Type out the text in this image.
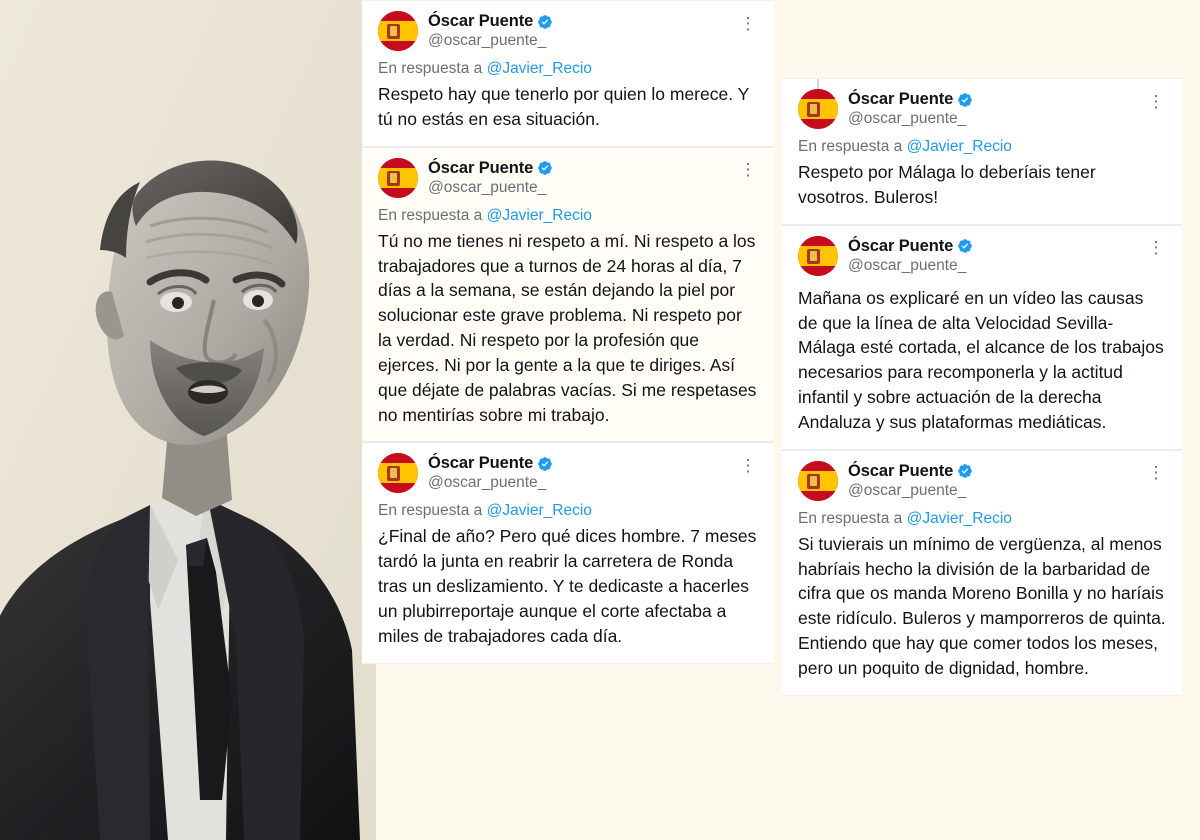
Óscar Puente
@oscar_puente_
⋮
En respuesta a @Javier_Recio
Respeto hay que tenerlo por quien lo merece. Y tú no estás en esa situación.
Óscar Puente
@oscar_puente_
⋮
En respuesta a @Javier_Recio
Tú no me tienes ni respeto a mí. Ni respeto a los trabajadores que a turnos de 24 horas al día, 7 días a la semana, se están dejando la piel por solucionar este grave problema. Ni respeto por la verdad. Ni respeto por la profesión que ejerces. Ni por la gente a la que te diriges. Así que déjate de palabras vacías. Si me respetases no mentirías sobre mi trabajo.
Óscar Puente
@oscar_puente_
⋮
En respuesta a @Javier_Recio
¿Final de año? Pero qué dices hombre. 7 meses tardó la junta en reabrir la carretera de Ronda tras un deslizamiento. Y te dedicaste a hacerles un plubirreportaje aunque el corte afectaba a miles de trabajadores cada día.
Óscar Puente
@oscar_puente_
⋮
En respuesta a @Javier_Recio
Respeto por Málaga lo deberíais tener vosotros. Buleros!
Óscar Puente
@oscar_puente_
⋮
Mañana os explicaré en un vídeo las causas de que la línea de alta Velocidad Sevilla-Málaga esté cortada, el alcance de los trabajos necesarios para recomponerla y la actitud infantil y sobre actuación de la derecha Andaluza y sus plataformas mediáticas.
Óscar Puente
@oscar_puente_
⋮
En respuesta a @Javier_Recio
Si tuvierais un mínimo de vergüenza, al menos habríais hecho la división de la barbaridad de cifra que os manda Moreno Bonilla y no haríais este ridículo. Buleros y mamporreros de quinta. Entiendo que hay que comer todos los meses, pero un poquito de dignidad, hombre.
